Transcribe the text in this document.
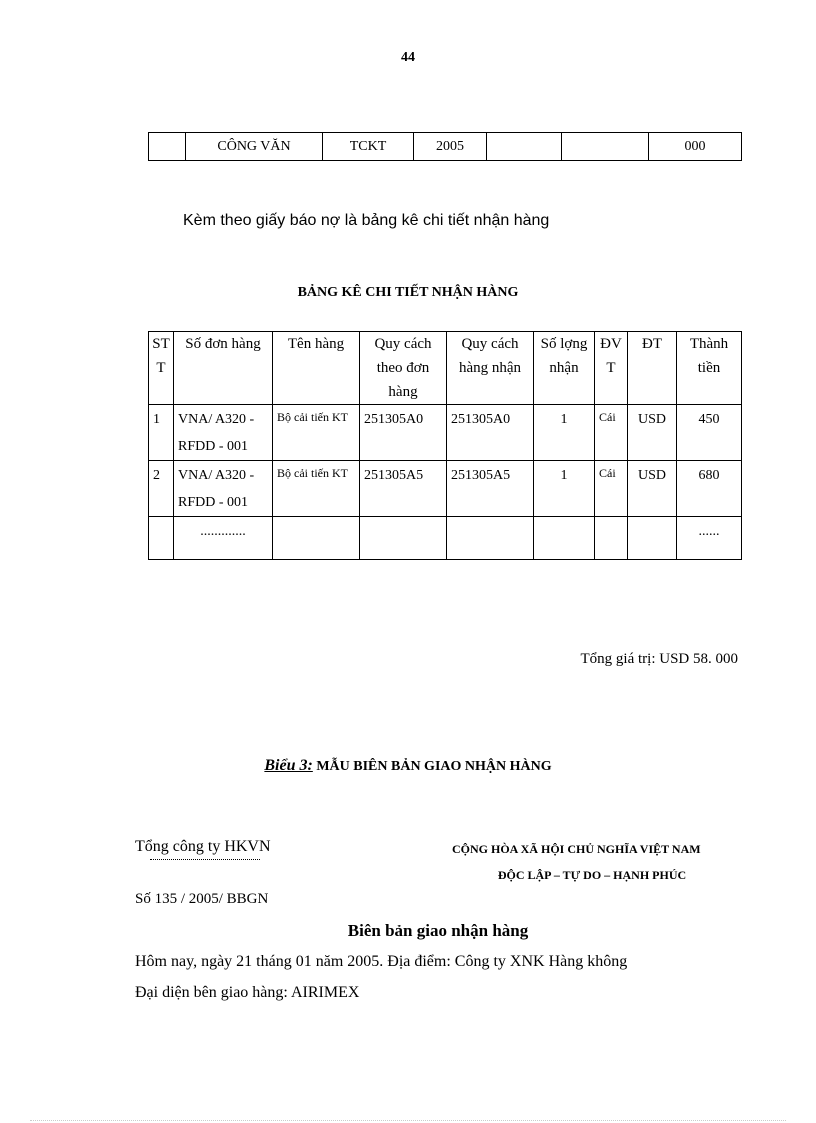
44
	CÔNG VĂN	TCKT	2005			000
Kèm theo giấy báo nợ là bảng kê chi tiết nhận hàng
BẢNG KÊ CHI TIẾT NHẬN HÀNG
STT	Số đơn hàng	Tên hàng	Quy cách theo đơn hàng	Quy cách hàng nhận	Số lợng nhận	ĐVT	ĐT	Thành tiền
1	VNA/ A320 - RFDD - 001	Bộ cải tiến KT	251305A0	251305A0	1	Cái	USD	450
2	VNA/ A320 - RFDD - 001	Bộ cải tiến KT	251305A5	251305A5	1	Cái	USD	680
	.............							......
Tổng giá trị: USD 58. 000
Biểu 3: MẪU BIÊN BẢN GIAO NHẬN HÀNG
Tổng công ty HKVN	CỘNG HÒA XÃ HỘI CHỦ NGHĨA VIỆT NAM
ĐỘC LẬP – TỰ DO – HẠNH PHÚC
Số 135 / 2005/ BBGN
Biên bản giao nhận hàng
Hôm nay, ngày 21 tháng 01 năm 2005. Địa điểm: Công ty XNK Hàng không
Đại diện bên giao hàng: AIRIMEX
